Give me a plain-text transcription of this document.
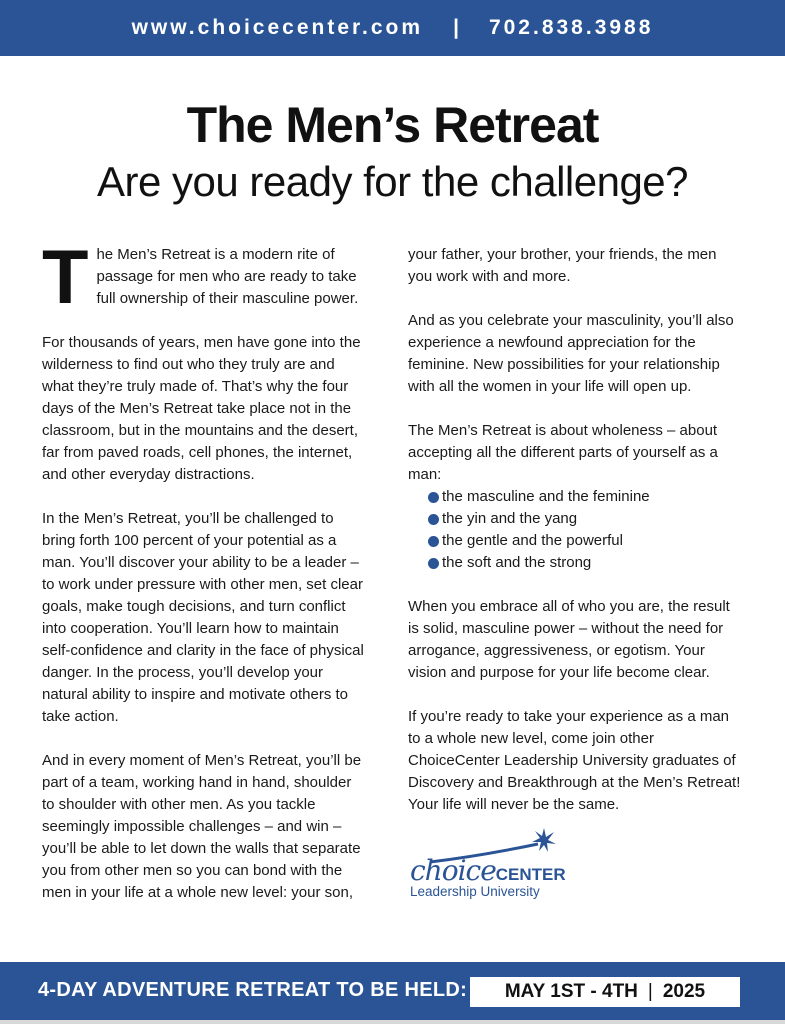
www.choicecenter.com | 702.838.3988
The Men’s Retreat
Are you ready for the challenge?

T he Men’s Retreat is a modern rite of passage for men who are ready to take full ownership of their masculine power.

For thousands of years, men have gone into the wilderness to find out who they truly are and what they’re truly made of. That’s why the four days of the Men’s Retreat take place not in the classroom, but in the mountains and the desert, far from paved roads, cell phones, the internet, and other everyday distractions.

In the Men’s Retreat, you’ll be challenged to bring forth 100 percent of your potential as a man. You’ll discover your ability to be a leader – to work under pressure with other men, set clear goals, make tough decisions, and turn conflict into cooperation. You’ll learn how to maintain self-confidence and clarity in the face of physical danger. In the process, you’ll develop your natural ability to inspire and motivate others to take action.

And in every moment of Men’s Retreat, you’ll be part of a team, working hand in hand, shoulder to shoulder with other men. As you tackle seemingly impossible challenges – and win – you’ll be able to let down the walls that separate you from other men so you can bond with the men in your life at a whole new level: your son,

your father, your brother, your friends, the men you work with and more.

And as you celebrate your masculinity, you’ll also experience a newfound appreciation for the feminine. New possibilities for your relationship with all the women in your life will open up.

The Men’s Retreat is about wholeness – about accepting all the different parts of yourself as a man:

the masculine and the feminine
the yin and the yang
the gentle and the powerful
the soft and the strong

When you embrace all of who you are, the result is solid, masculine power – without the need for arrogance, aggressiveness, or egotism. Your vision and purpose for your life become clear.

If you’re ready to take your experience as a man to a whole new level, come join other ChoiceCenter Leadership University graduates of Discovery and Breakthrough at the Men’s Retreat! Your life will never be the same.

choiceCENTER
Leadership University
4-DAY ADVENTURE RETREAT TO BE HELD: MAY 1ST - 4TH | 2025
